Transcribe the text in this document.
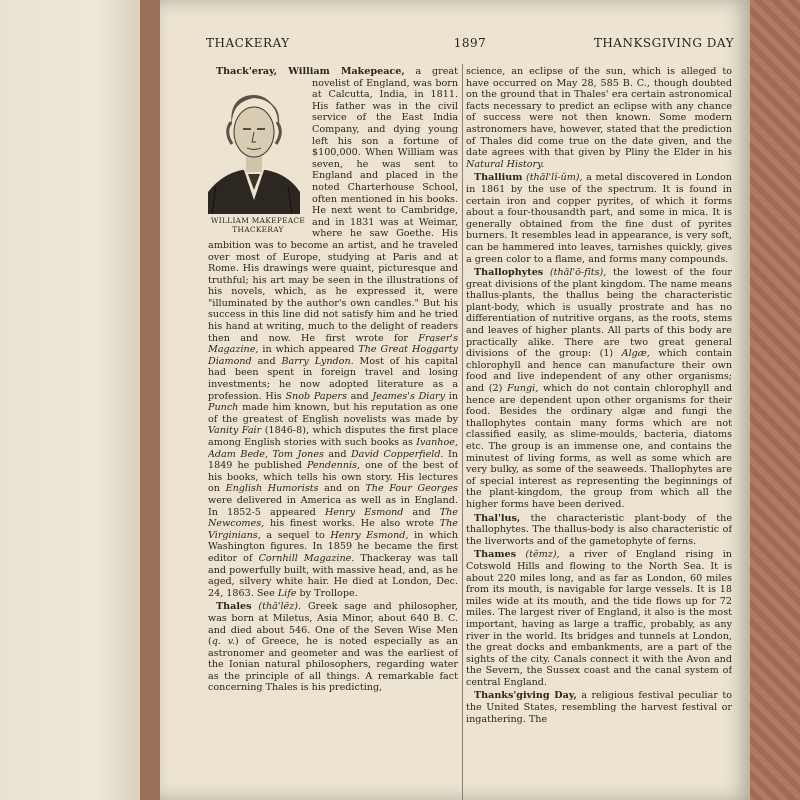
THACKERAY	1897	THANKSGIVING DAY

Thack'eray, William Makepeace,
WILLIAM MAKEPEACE
THACKERAY
a great novelist of England, was born at Calcutta, India, in 1811. His father was in the civil service of the East India Company, and dying young left his son a fortune of $100,000. When William was seven, he was sent to England and placed in the noted Charterhouse School, often mentioned in his books. He next went to Cambridge, and in 1831 was at Weimar, where he saw Goethe. His ambition was to become an artist, and he traveled over most of Europe, studying at Paris and at Rome. His drawings were quaint, picturesque and truthful; his art may be seen in the illustrations of his novels, which, as he expressed it, were "illuminated by the author's own candles." But his success in this line did not satisfy him and he tried his hand at writing, much to the delight of readers then and now. He first wrote for Fraser's Magazine, in which appeared The Great Hoggarty Diamond and Barry Lyndon. Most of his capital had been spent in foreign travel and losing investments; he now adopted literature as a profession. His Snob Papers and Jeames's Diary in Punch made him known, but his reputation as one of the greatest of English novelists was made by Vanity Fair (1846-8), which disputes the first place among English stories with such books as Ivanhoe, Adam Bede, Tom Jones and David Copperfield. In 1849 he published Pendennis, one of the best of his books, which tells his own story. His lectures on English Humorists and on The Four Georges were delivered in America as well as in England. In 1852-5 appeared Henry Esmond and The Newcomes, his finest works. He also wrote The Virginians, a sequel to Henry Esmond, in which Washington figures. In 1859 he became the first editor of Cornhill Magazine. Thackeray was tall and powerfully built, with massive head, and, as he aged, silvery white hair. He died at London, Dec. 24, 1863. See Life by Trollope.

Thales (thā'lēz). Greek sage and philosopher, was born at Miletus, Asia Minor, about 640 B. C. and died about 546. One of the Seven Wise Men (q. v.) of Greece, he is noted especially as an astronomer and geometer and was the earliest of the Ionian natural philosophers, regarding water as the principle of all things. A remarkable fact concerning Thales is his predicting,

science, an eclipse of the sun, which is alleged to have occurred on May 28, 585 B. C., though doubted on the ground that in Thales' era certain astronomical facts necessary to predict an eclipse with any chance of success were not then known. Some modern astronomers have, however, stated that the prediction of Thales did come true on the date given, and the date agrees with that given by Pliny the Elder in his Natural History.

Thallium (thăl'lĭ-ŭm), a metal discovered in London in 1861 by the use of the spectrum. It is found in certain iron and copper pyrites, of which it forms about a four-thousandth part, and some in mica. It is generally obtained from the fine dust of pyrites burners. It resembles lead in appearance, is very soft, can be hammered into leaves, tarnishes quickly, gives a green color to a flame, and forms many compounds.

Thallophytes (thăl'ō-fīts), the lowest of the four great divisions of the plant kingdom. The name means thallus-plants, the thallus being the characteristic plant-body, which is usually prostrate and has no differentiation of nutritive organs, as the roots, stems and leaves of higher plants. All parts of this body are practically alike. There are two great general divisions of the group: (1) Algæ, which contain chlorophyll and hence can manufacture their own food and live independent of any other organisms; and (2) Fungi, which do not contain chlorophyll and hence are dependent upon other organisms for their food. Besides the ordinary algæ and fungi the thallophytes contain many forms which are not classified easily, as slime-moulds, bacteria, diatoms etc. The group is an immense one, and contains the minutest of living forms, as well as some which are very bulky, as some of the seaweeds. Thallophytes are of special interest as representing the beginnings of the plant-kingdom, the group from which all the higher forms have been derived.

Thal'lus, the characteristic plant-body of the thallophytes. The thallus-body is also characteristic of the liverworts and of the gametophyte of ferns.

Thames (tĕmz), a river of England rising in Cotswold Hills and flowing to the North Sea. It is about 220 miles long, and as far as London, 60 miles from its mouth, is navigable for large vessels. It is 18 miles wide at its mouth, and the tide flows up for 72 miles. The largest river of England, it also is the most important, having as large a traffic, probably, as any river in the world. Its bridges and tunnels at London, the great docks and embankments, are a part of the sights of the city. Canals connect it with the Avon and the Severn, the Sussex coast and the canal system of central England.

Thanks'giving Day, a religious festival peculiar to the United States, resembling the harvest festival or ingathering. The
